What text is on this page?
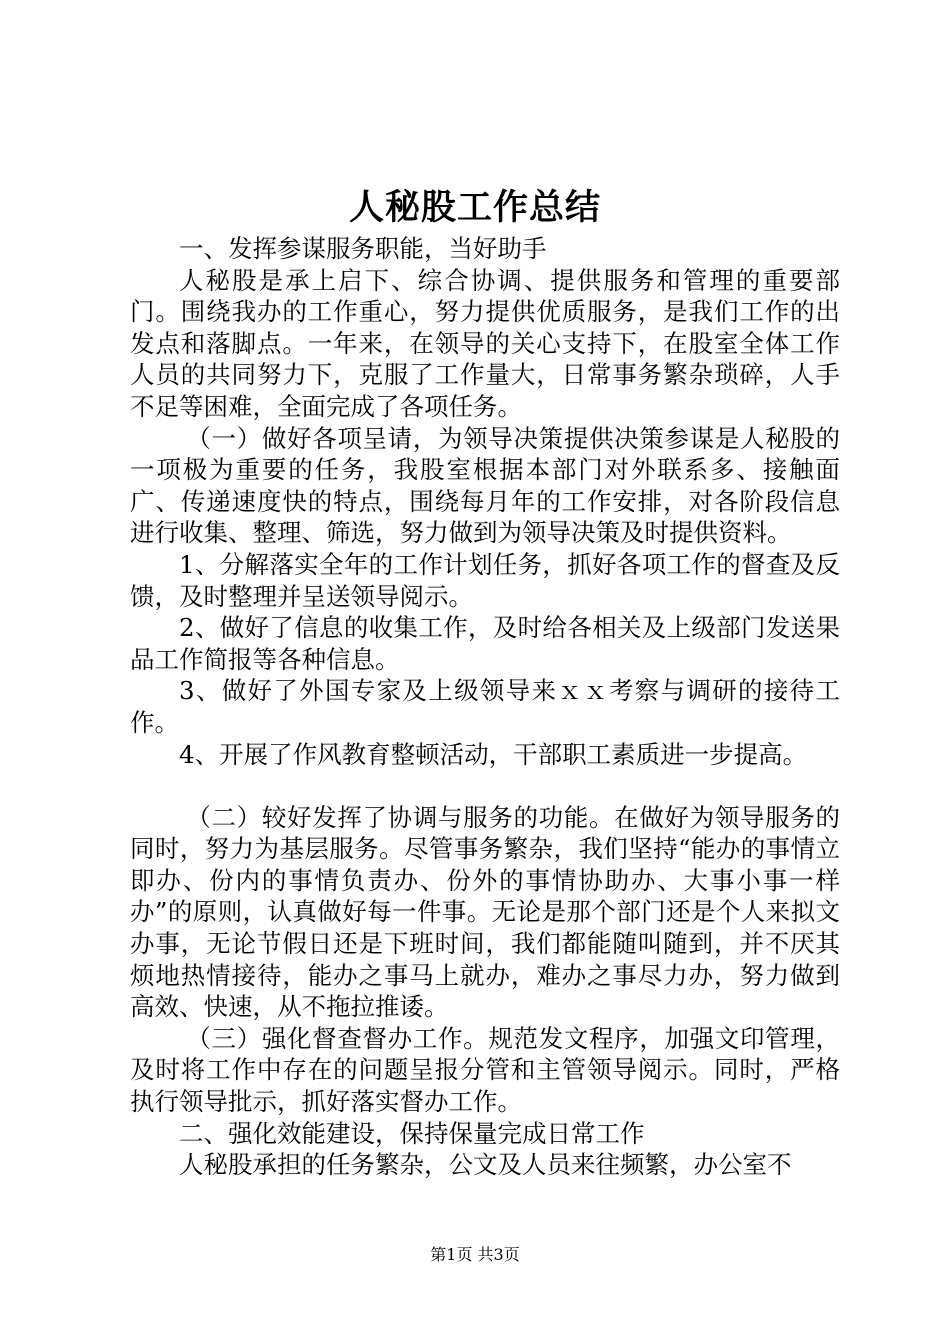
人秘股工作总结

一、发挥参谋服务职能，当好助手

人秘股是承上启下、综合协调、提供服务和管理的重要部门。围绕我办的工作重心，努力提供优质服务，是我们工作的出发点和落脚点。一年来，在领导的关心支持下，在股室全体工作人员的共同努力下，克服了工作量大，日常事务繁杂琐碎，人手不足等困难，全面完成了各项任务。

（一）做好各项呈请，为领导决策提供决策参谋是人秘股的一项极为重要的任务，我股室根据本部门对外联系多、接触面广、传递速度快的特点，围绕每月年的工作安排，对各阶段信息进行收集、整理、筛选，努力做到为领导决策及时提供资料。

1、分解落实全年的工作计划任务，抓好各项工作的督查及反馈，及时整理并呈送领导阅示。

2、做好了信息的收集工作，及时给各相关及上级部门发送果品工作简报等各种信息。

3、做好了外国专家及上级领导来ｘｘ考察与调研的接待工作。

4、开展了作风教育整顿活动，干部职工素质进一步提高。

（二）较好发挥了协调与服务的功能。在做好为领导服务的同时，努力为基层服务。尽管事务繁杂，我们坚持“能办的事情立即办、份内的事情负责办、份外的事情协助办、大事小事一样办”的原则，认真做好每一件事。无论是那个部门还是个人来拟文办事，无论节假日还是下班时间，我们都能随叫随到，并不厌其烦地热情接待，能办之事马上就办，难办之事尽力办，努力做到高效、快速，从不拖拉推诿。

（三）强化督查督办工作。规范发文程序，加强文印管理，及时将工作中存在的问题呈报分管和主管领导阅示。同时，严格执行领导批示，抓好落实督办工作。

二、强化效能建设，保持保量完成日常工作

人秘股承担的任务繁杂，公文及人员来往频繁，办公室不

第1页 共3页
